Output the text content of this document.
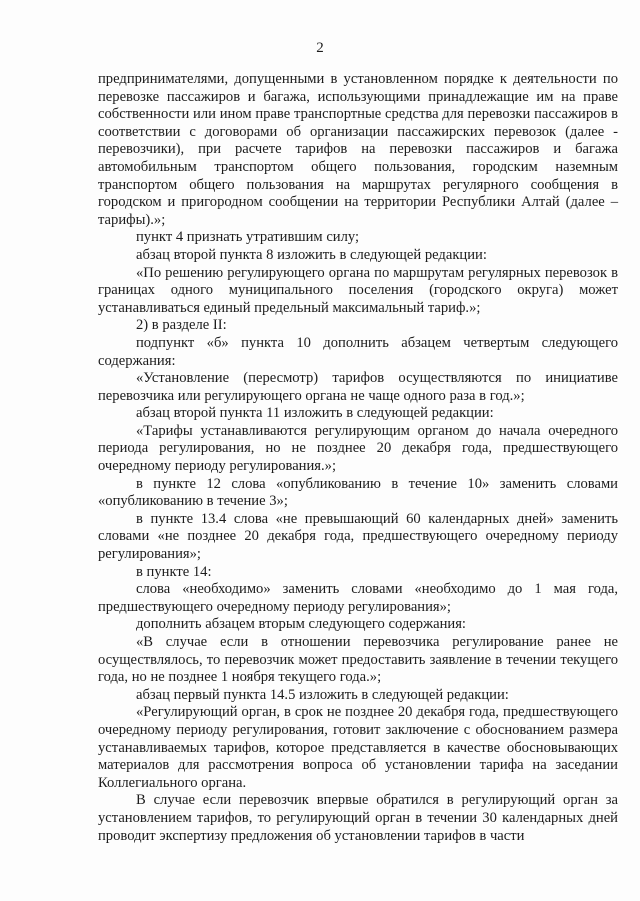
2

предпринимателями, допущенными в установленном порядке к деятельности по перевозке пассажиров и багажа, использующими принадлежащие им на праве собственности или ином праве транспортные средства для перевозки пассажиров в соответствии с договорами об организации пассажирских перевозок (далее - перевозчики), при расчете тарифов на перевозки пассажиров и багажа автомобильным транспортом общего пользования, городским наземным транспортом общего пользования на маршрутах регулярного сообщения в городском и пригородном сообщении на территории Республики Алтай (далее – тарифы).»;

пункт 4 признать утратившим силу;

абзац второй пункта 8 изложить в следующей редакции:

«По решению регулирующего органа по маршрутам регулярных перевозок в границах одного муниципального поселения (городского округа) может устанавливаться единый предельный максимальный тариф.»;

2) в разделе II:

подпункт «б» пункта 10 дополнить абзацем четвертым следующего содержания:

«Установление (пересмотр) тарифов осуществляются по инициативе перевозчика или регулирующего органа не чаще одного раза в год.»;

абзац второй пункта 11 изложить в следующей редакции:

«Тарифы устанавливаются регулирующим органом до начала очередного периода регулирования, но не позднее 20 декабря года, предшествующего очередному периоду регулирования.»;

в пункте 12 слова «опубликованию в течение 10» заменить словами «опубликованию в течение 3»;

в пункте 13.4 слова «не превышающий 60 календарных дней» заменить словами «не позднее 20 декабря года, предшествующего очередному периоду регулирования»;

в пункте 14:

слова «необходимо» заменить словами «необходимо до 1 мая года, предшествующего очередному периоду регулирования»;

дополнить абзацем вторым следующего содержания:

«В случае если в отношении перевозчика регулирование ранее не осуществлялось, то перевозчик может предоставить заявление в течении текущего года, но не позднее 1 ноября текущего года.»;

абзац первый пункта 14.5 изложить в следующей редакции:

«Регулирующий орган, в срок не позднее 20 декабря года, предшествующего очередному периоду регулирования, готовит заключение с обоснованием размера устанавливаемых тарифов, которое представляется в качестве обосновывающих материалов для рассмотрения вопроса об установлении тарифа на заседании Коллегиального органа.

В случае если перевозчик впервые обратился в регулирующий орган за установлением тарифов, то регулирующий орган в течении 30 календарных дней проводит экспертизу предложения об установлении тарифов в части
